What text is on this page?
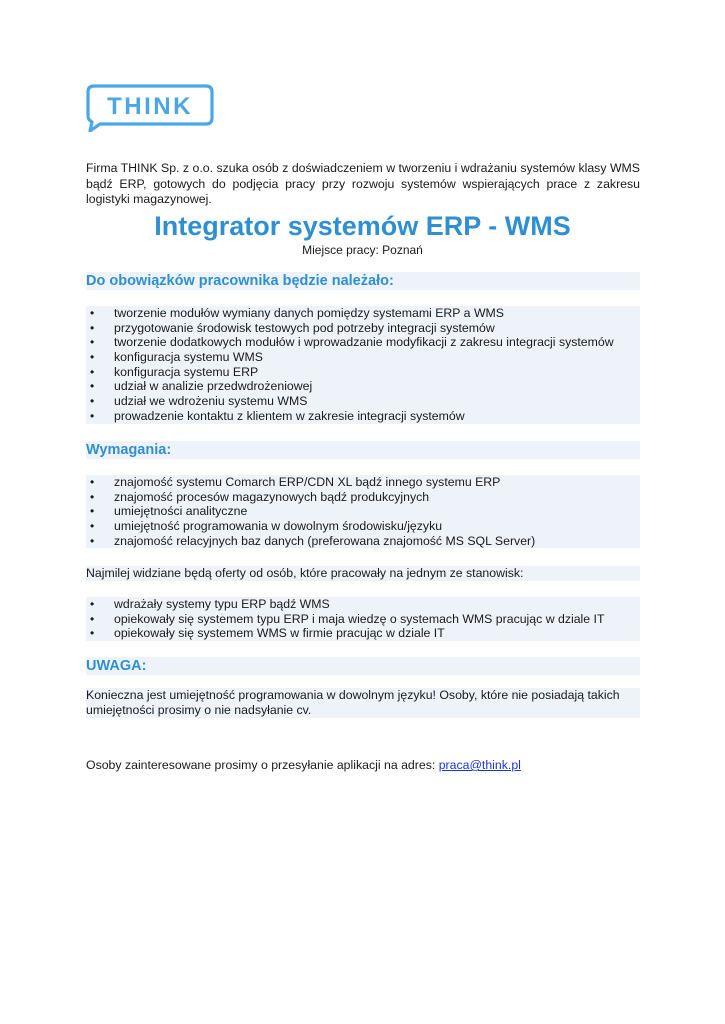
THINK

Firma THINK Sp. z o.o. szuka osób z doświadczeniem w tworzeniu i wdrażaniu systemów klasy WMS bądź ERP, gotowych do podjęcia pracy przy rozwoju systemów wspierających prace z zakresu logistyki magazynowej.

Integrator systemów ERP - WMS

Miejsce pracy: Poznań

Do obowiązków pracownika będzie należało:
• tworzenie modułów wymiany danych pomiędzy systemami ERP a WMS
• przygotowanie środowisk testowych pod potrzeby integracji systemów
• tworzenie dodatkowych modułów i wprowadzanie modyfikacji z zakresu integracji systemów
• konfiguracja systemu WMS
• konfiguracja systemu ERP
• udział w analizie przedwdrożeniowej
• udział we wdrożeniu systemu WMS
• prowadzenie kontaktu z klientem w zakresie integracji systemów
Wymagania:
• znajomość systemu Comarch ERP/CDN XL bądź innego systemu ERP
• znajomość procesów magazynowych bądź produkcyjnych
• umiejętności analityczne
• umiejętność programowania w dowolnym środowisku/języku
• znajomość relacyjnych baz danych (preferowana znajomość MS SQL Server)

Najmilej widziane będą oferty od osób, które pracowały na jednym ze stanowisk:

• wdrażały systemy typu ERP bądź WMS
• opiekowały się systemem typu ERP i maja wiedzę o systemach WMS pracując w dziale IT
• opiekowały się systemem WMS w firmie pracując w dziale IT
UWAGA:

Konieczna jest umiejętność programowania w dowolnym języku! Osoby, które nie posiadają takich umiejętności prosimy o nie nadsyłanie cv.

Osoby zainteresowane prosimy o przesyłanie aplikacji na adres: praca@think.pl
